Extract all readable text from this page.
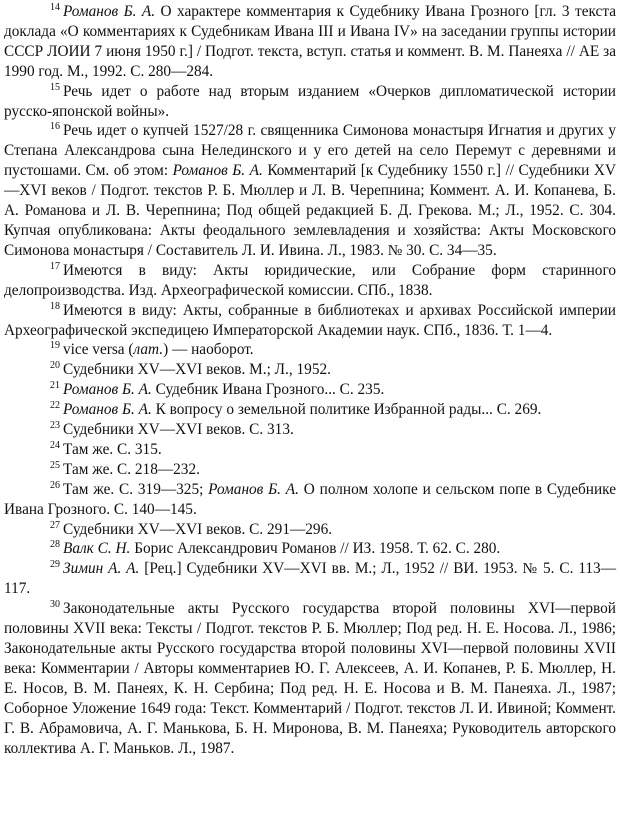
$^{14}$ Романов Б. А. О характере комментария к Судебнику Ивана Грозного [гл. 3 текста доклада «О комментариях к Судебникам Ивана III и Ивана IV» на заседании группы истории СССР ЛОИИ 7 июня 1950 г.] / Подгот. текста, вступ. статья и коммент. В. М. Панеяха // АЕ за 1990 год. М., 1992. С. 280—284.

$^{15}$ Речь идет о работе над вторым изданием «Очерков дипломатической истории русско-японской войны».

$^{16}$ Речь идет о купчей 1527/28 г. священника Симонова монастыря Игнатия и других у Степана Александрова сына Нелединского и у его детей на село Перемут с деревнями и пустошами. См. об этом: Романов Б. А. Комментарий [к Судебнику 1550 г.] // Судебники XV—XVI веков / Подгот. текстов Р. Б. Мюллер и Л. В. Черепнина; Коммент. А. И. Копанева, Б. А. Романова и Л. В. Черепнина; Под общей редакцией Б. Д. Грекова. М.; Л., 1952. С. 304. Купчая опубликована: Акты феодального землевладения и хозяйства: Акты Московского Симонова монастыря / Составитель Л. И. Ивина. Л., 1983. № 30. С. 34—35.

$^{17}$ Имеются в виду: Акты юридические, или Собрание форм старинного делопроизводства. Изд. Археографической комиссии. СПб., 1838.

$^{18}$ Имеются в виду: Акты, собранные в библиотеках и архивах Российской империи Археографической экспедицею Императорской Академии наук. СПб., 1836. Т. 1—4.

$^{19}$ vice versa (лат.) — наоборот.

$^{20}$ Судебники XV—XVI веков. М.; Л., 1952.

$^{21}$ Романов Б. А. Судебник Ивана Грозного... С. 235.

$^{22}$ Романов Б. А. К вопросу о земельной политике Избранной рады... С. 269.

$^{23}$ Судебники XV—XVI веков. С. 313.

$^{24}$ Там же. С. 315.

$^{25}$ Там же. С. 218—232.

$^{26}$ Там же. С. 319—325; Романов Б. А. О полном холопе и сельском попе в Судебнике Ивана Грозного. С. 140—145.

$^{27}$ Судебники XV—XVI веков. С. 291—296.

$^{28}$ Валк С. Н. Борис Александрович Романов // ИЗ. 1958. Т. 62. С. 280.

$^{29}$ Зимин А. А. [Рец.] Судебники XV—XVI вв. М.; Л., 1952 // ВИ. 1953. № 5. С. 113—117.

$^{30}$ Законодательные акты Русского государства второй половины XVI—первой половины XVII века: Тексты / Подгот. текстов Р. Б. Мюллер; Под ред. Н. Е. Носова. Л., 1986; Законодательные акты Русского государства второй половины XVI—первой половины XVII века: Комментарии / Авторы комментариев Ю. Г. Алексеев, А. И. Копанев, Р. Б. Мюллер, Н. Е. Носов, В. М. Панеях, К. Н. Сербина; Под ред. Н. Е. Носова и В. М. Панеяха. Л., 1987; Соборное Уложение 1649 года: Текст. Комментарий / Подгот. текстов Л. И. Ивиной; Коммент. Г. В. Абрамовича, А. Г. Манькова, Б. Н. Миронова, В. М. Панеяха; Руководитель авторского коллектива А. Г. Маньков. Л., 1987.
